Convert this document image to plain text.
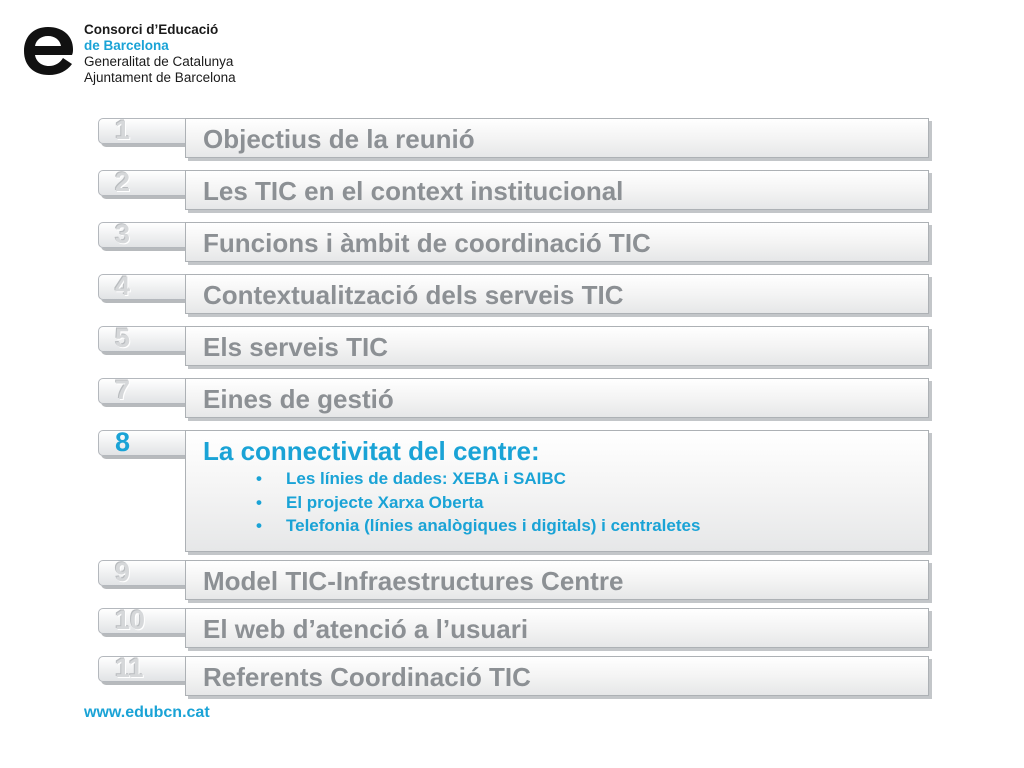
Consorci d’Educació
de Barcelona
Generalitat de Catalunya
Ajuntament de Barcelona
1	Objectius de la reunió
2	Les TIC en el context institucional
3	Funcions i àmbit de coordinació TIC
4	Contextualització dels serveis TIC
5	Els serveis TIC
7	Eines de gestió
8	La connectivitat del centre:
• Les línies de dades: XEBA i SAIBC
• El projecte Xarxa Oberta
• Telefonia (línies analògiques i digitals) i centraletes
9	Model TIC-Infraestructures Centre
10 El web d’atenció a l’usuari
11 Referents Coordinació TIC
www.edubcn.cat
